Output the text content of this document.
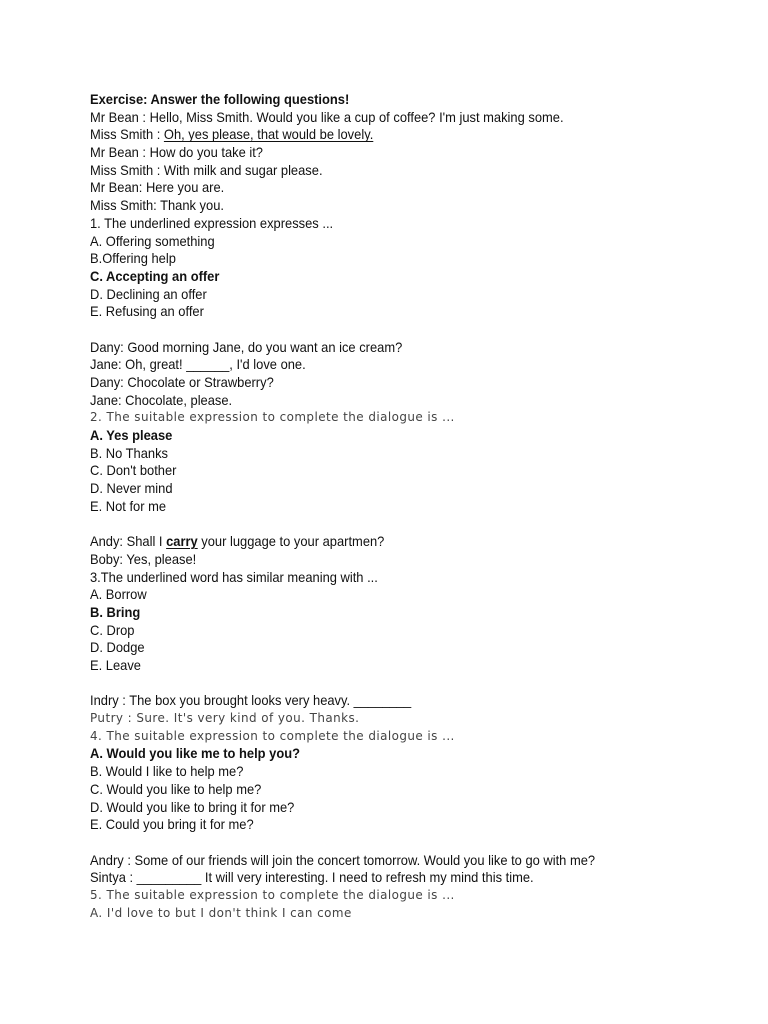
Exercise: Answer the following questions!
Mr Bean : Hello, Miss Smith. Would you like a cup of coffee? I'm just making some.
Miss Smith : Oh, yes please, that would be lovely.
Mr Bean : How do you take it?
Miss Smith : With milk and sugar please.
Mr Bean: Here you are.
Miss Smith: Thank you.
1. The underlined expression expresses ...
A. Offering something
B.Offering help
C. Accepting an offer
D. Declining an offer
E. Refusing an offer
Dany: Good morning Jane, do you want an ice cream?
Jane: Oh, great! ______, I'd love one.
Dany: Chocolate or Strawberry?
Jane: Chocolate, please.
2. The suitable expression to complete the dialogue is ...
A. Yes please
B. No Thanks
C. Don't bother
D. Never mind
E. Not for me
Andy: Shall I carry your luggage to your apartmen?
Boby: Yes, please!
3.The underlined word has similar meaning with ...
A. Borrow
B. Bring
C. Drop
D. Dodge
E. Leave
Indry : The box you brought looks very heavy. ________
Putry : Sure. It's very kind of you. Thanks.
4. The suitable expression to complete the dialogue is ...
A. Would you like me to help you?
B. Would I like to help me?
C. Would you like to help me?
D. Would you like to bring it for me?
E. Could you bring it for me?
Andry : Some of our friends will join the concert tomorrow. Would you like to go with me?
Sintya : _________ It will very interesting. I need to refresh my mind this time.
5. The suitable expression to complete the dialogue is ...
A. I'd love to but I don't think I can come
